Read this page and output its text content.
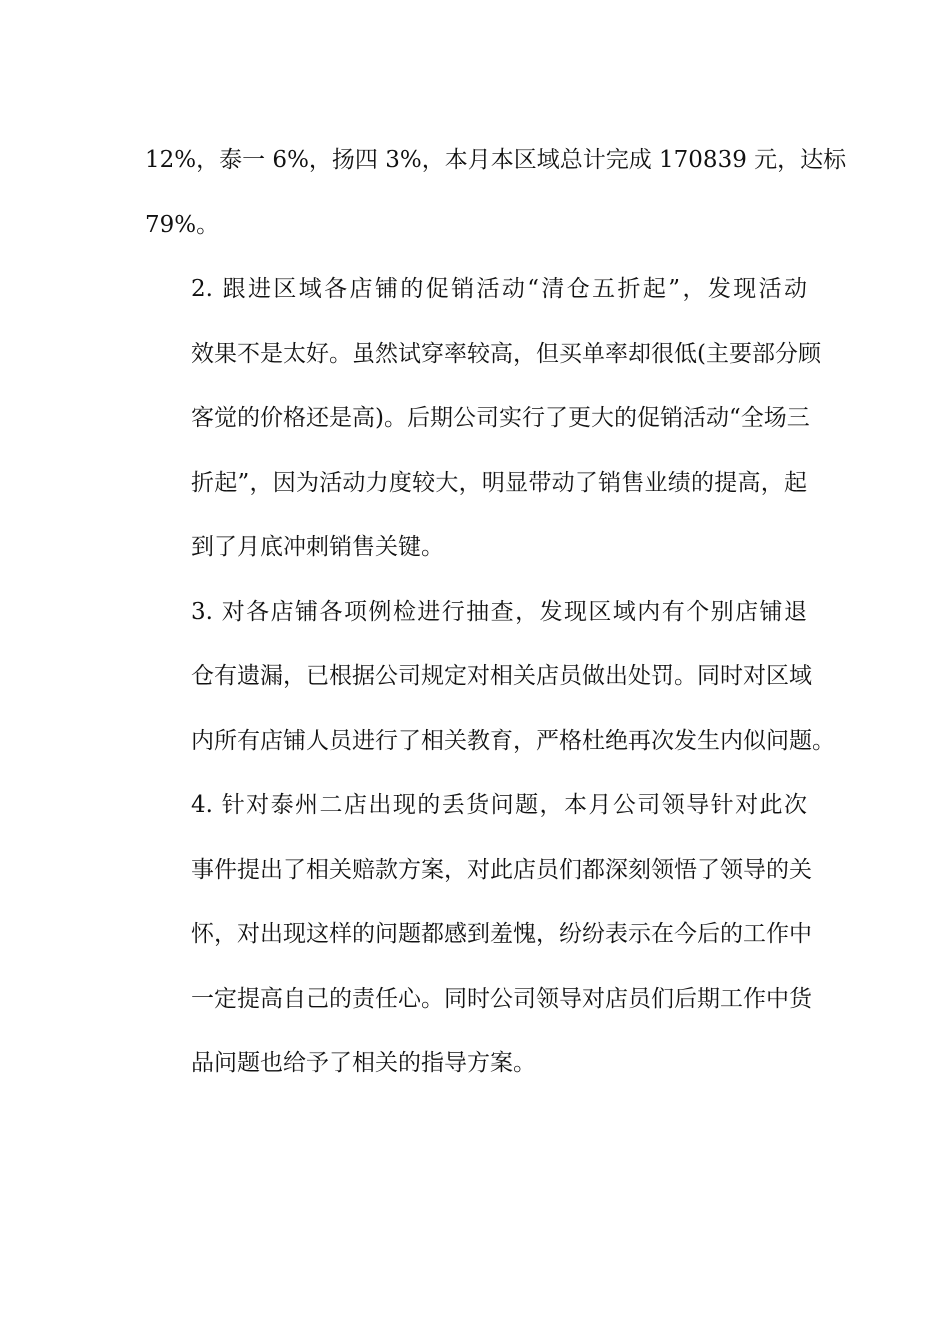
12%，泰一 6%，扬四 3%，本月本区域总计完成 170839 元，达标
79%。

2. 跟进区域各店铺的促销活动“清仓五折起”，发现活动
效果不是太好。虽然试穿率较高，但买单率却很低(主要部分顾
客觉的价格还是高)。后期公司实行了更大的促销活动“全场三
折起”，因为活动力度较大，明显带动了销售业绩的提高，起
到了月底冲刺销售关键。

3. 对各店铺各项例检进行抽查，发现区域内有个别店铺退
仓有遗漏，已根据公司规定对相关店员做出处罚。同时对区域
内所有店铺人员进行了相关教育，严格杜绝再次发生内似问题。

4. 针对泰州二店出现的丢货问题，本月公司领导针对此次
事件提出了相关赔款方案，对此店员们都深刻领悟了领导的关
怀，对出现这样的问题都感到羞愧，纷纷表示在今后的工作中
一定提高自己的责任心。同时公司领导对店员们后期工作中货
品问题也给予了相关的指导方案。
